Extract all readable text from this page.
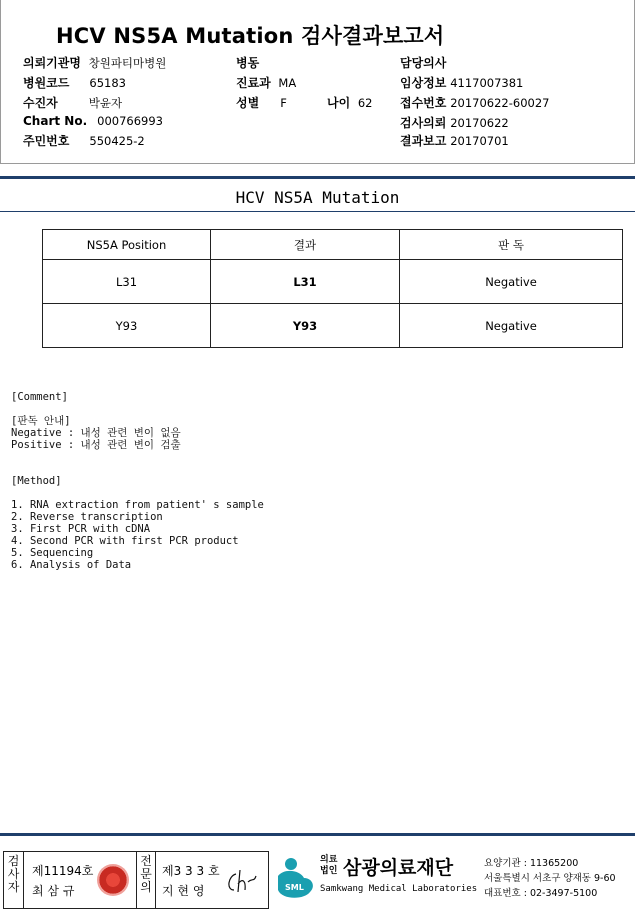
HCV NS5A Mutation 검사결과보고서
의뢰기관명 창원파티마병원
병원코드 65183
수진자	박윤자
Chart No. 000766993
주민번호 550425-2
병동
진료과 MA
성별 F	나이 62
담당의사
임상정보 4117007381
접수번호 20170622-60027
검사의뢰 20170622
결과보고 20170701
HCV NS5A Mutation
NS5A Position	결과	판 독
L31	L31	Negative
Y93	Y93	Negative
[Comment]
[판독 안내]
Negative : 내성 관련 변이 없음
Positive : 내성 관련 변이 검출
[Method]
1. RNA extraction from patient' s sample
2. Reverse transcription
3. First PCR with cDNA
4. Second PCR with first PCR product
5. Sequencing
6. Analysis of Data
검
사
자
제11194호
최 삼 규
전
문
의
제3 3 3 호
지 현 영	SML
의료
법인 삼광의료재단
Samkwang Medical Laboratories
요양기관 : 11365200
서울특별시 서초구 양재동 9-60
대표번호 : 02-3497-5100
